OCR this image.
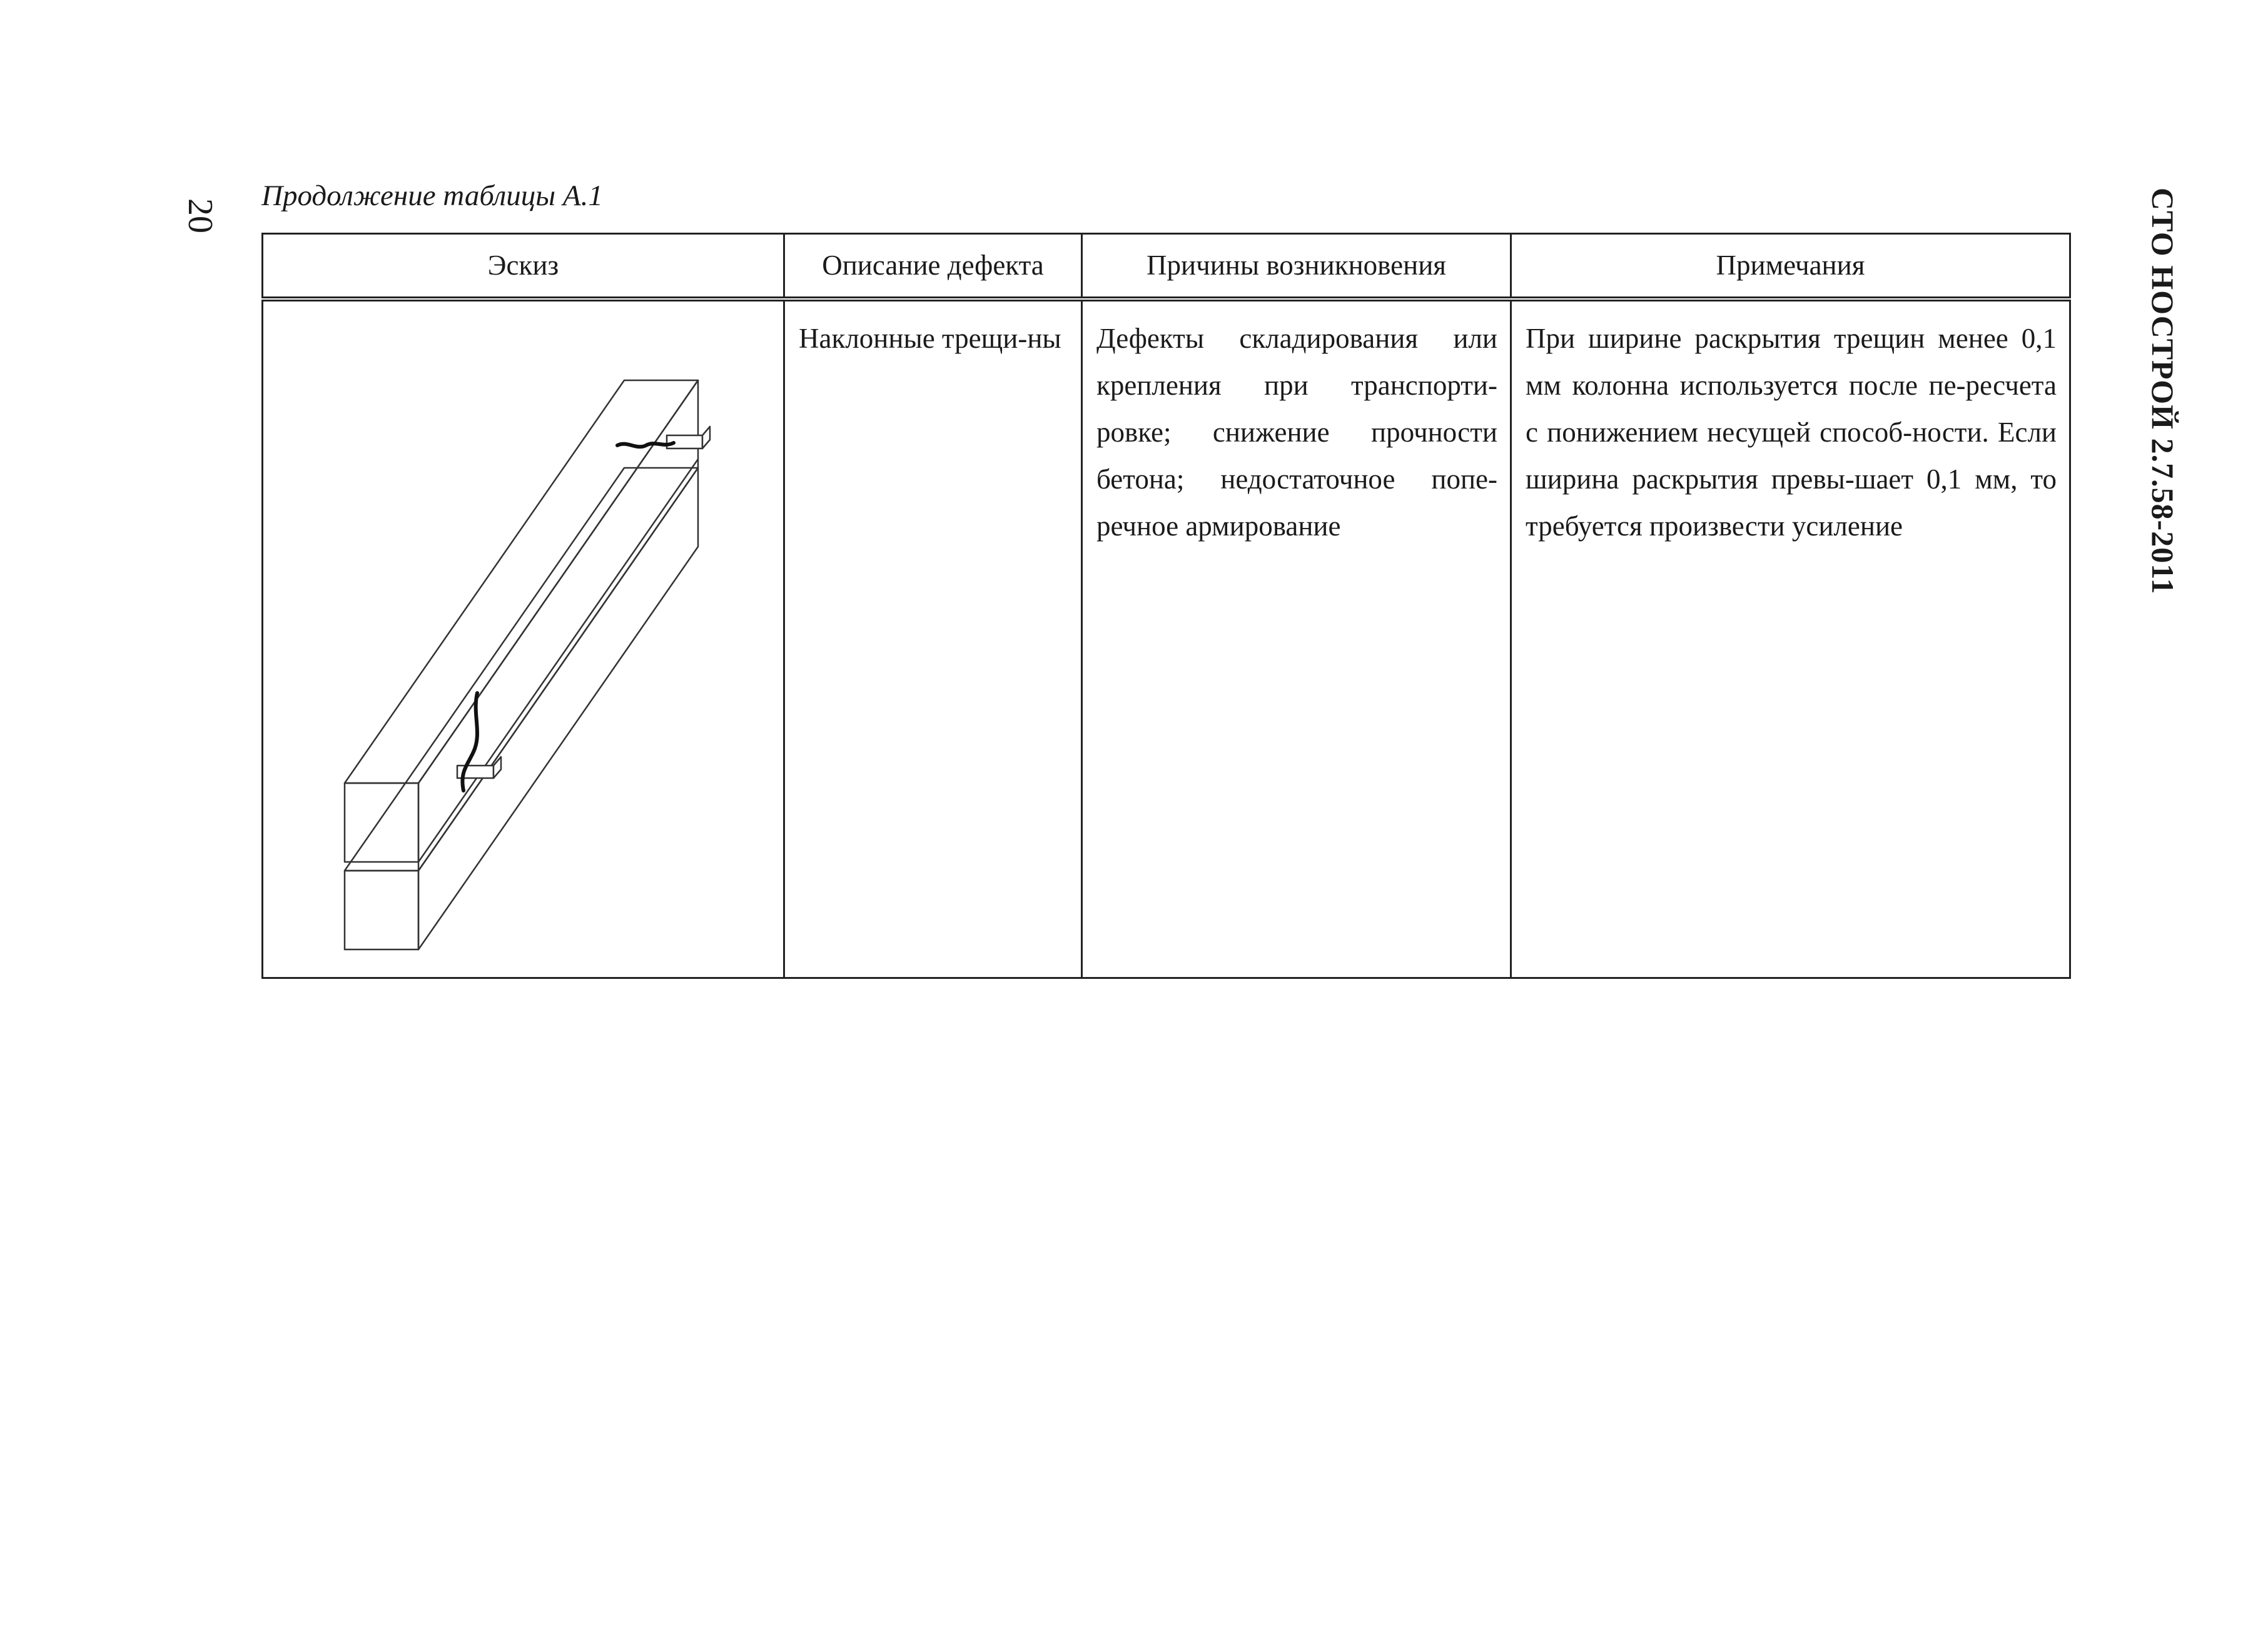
20	СТО НОСТРОЙ 2.7.58-2011
Продолжение таблицы А.1
Эскиз	Описание дефекта	Причины возникновения	Примечания

	Наклонные трещи-ны	Дефекты складирования или крепления при транспорти-ровке; снижение прочности бетона; недостаточное попе-речное армирование	При ширине раскрытия трещин менее 0,1 мм колонна используется после пе-ресчета с понижением несущей способ-ности. Если ширина раскрытия превы-шает 0,1 мм, то требуется произвести усиление
